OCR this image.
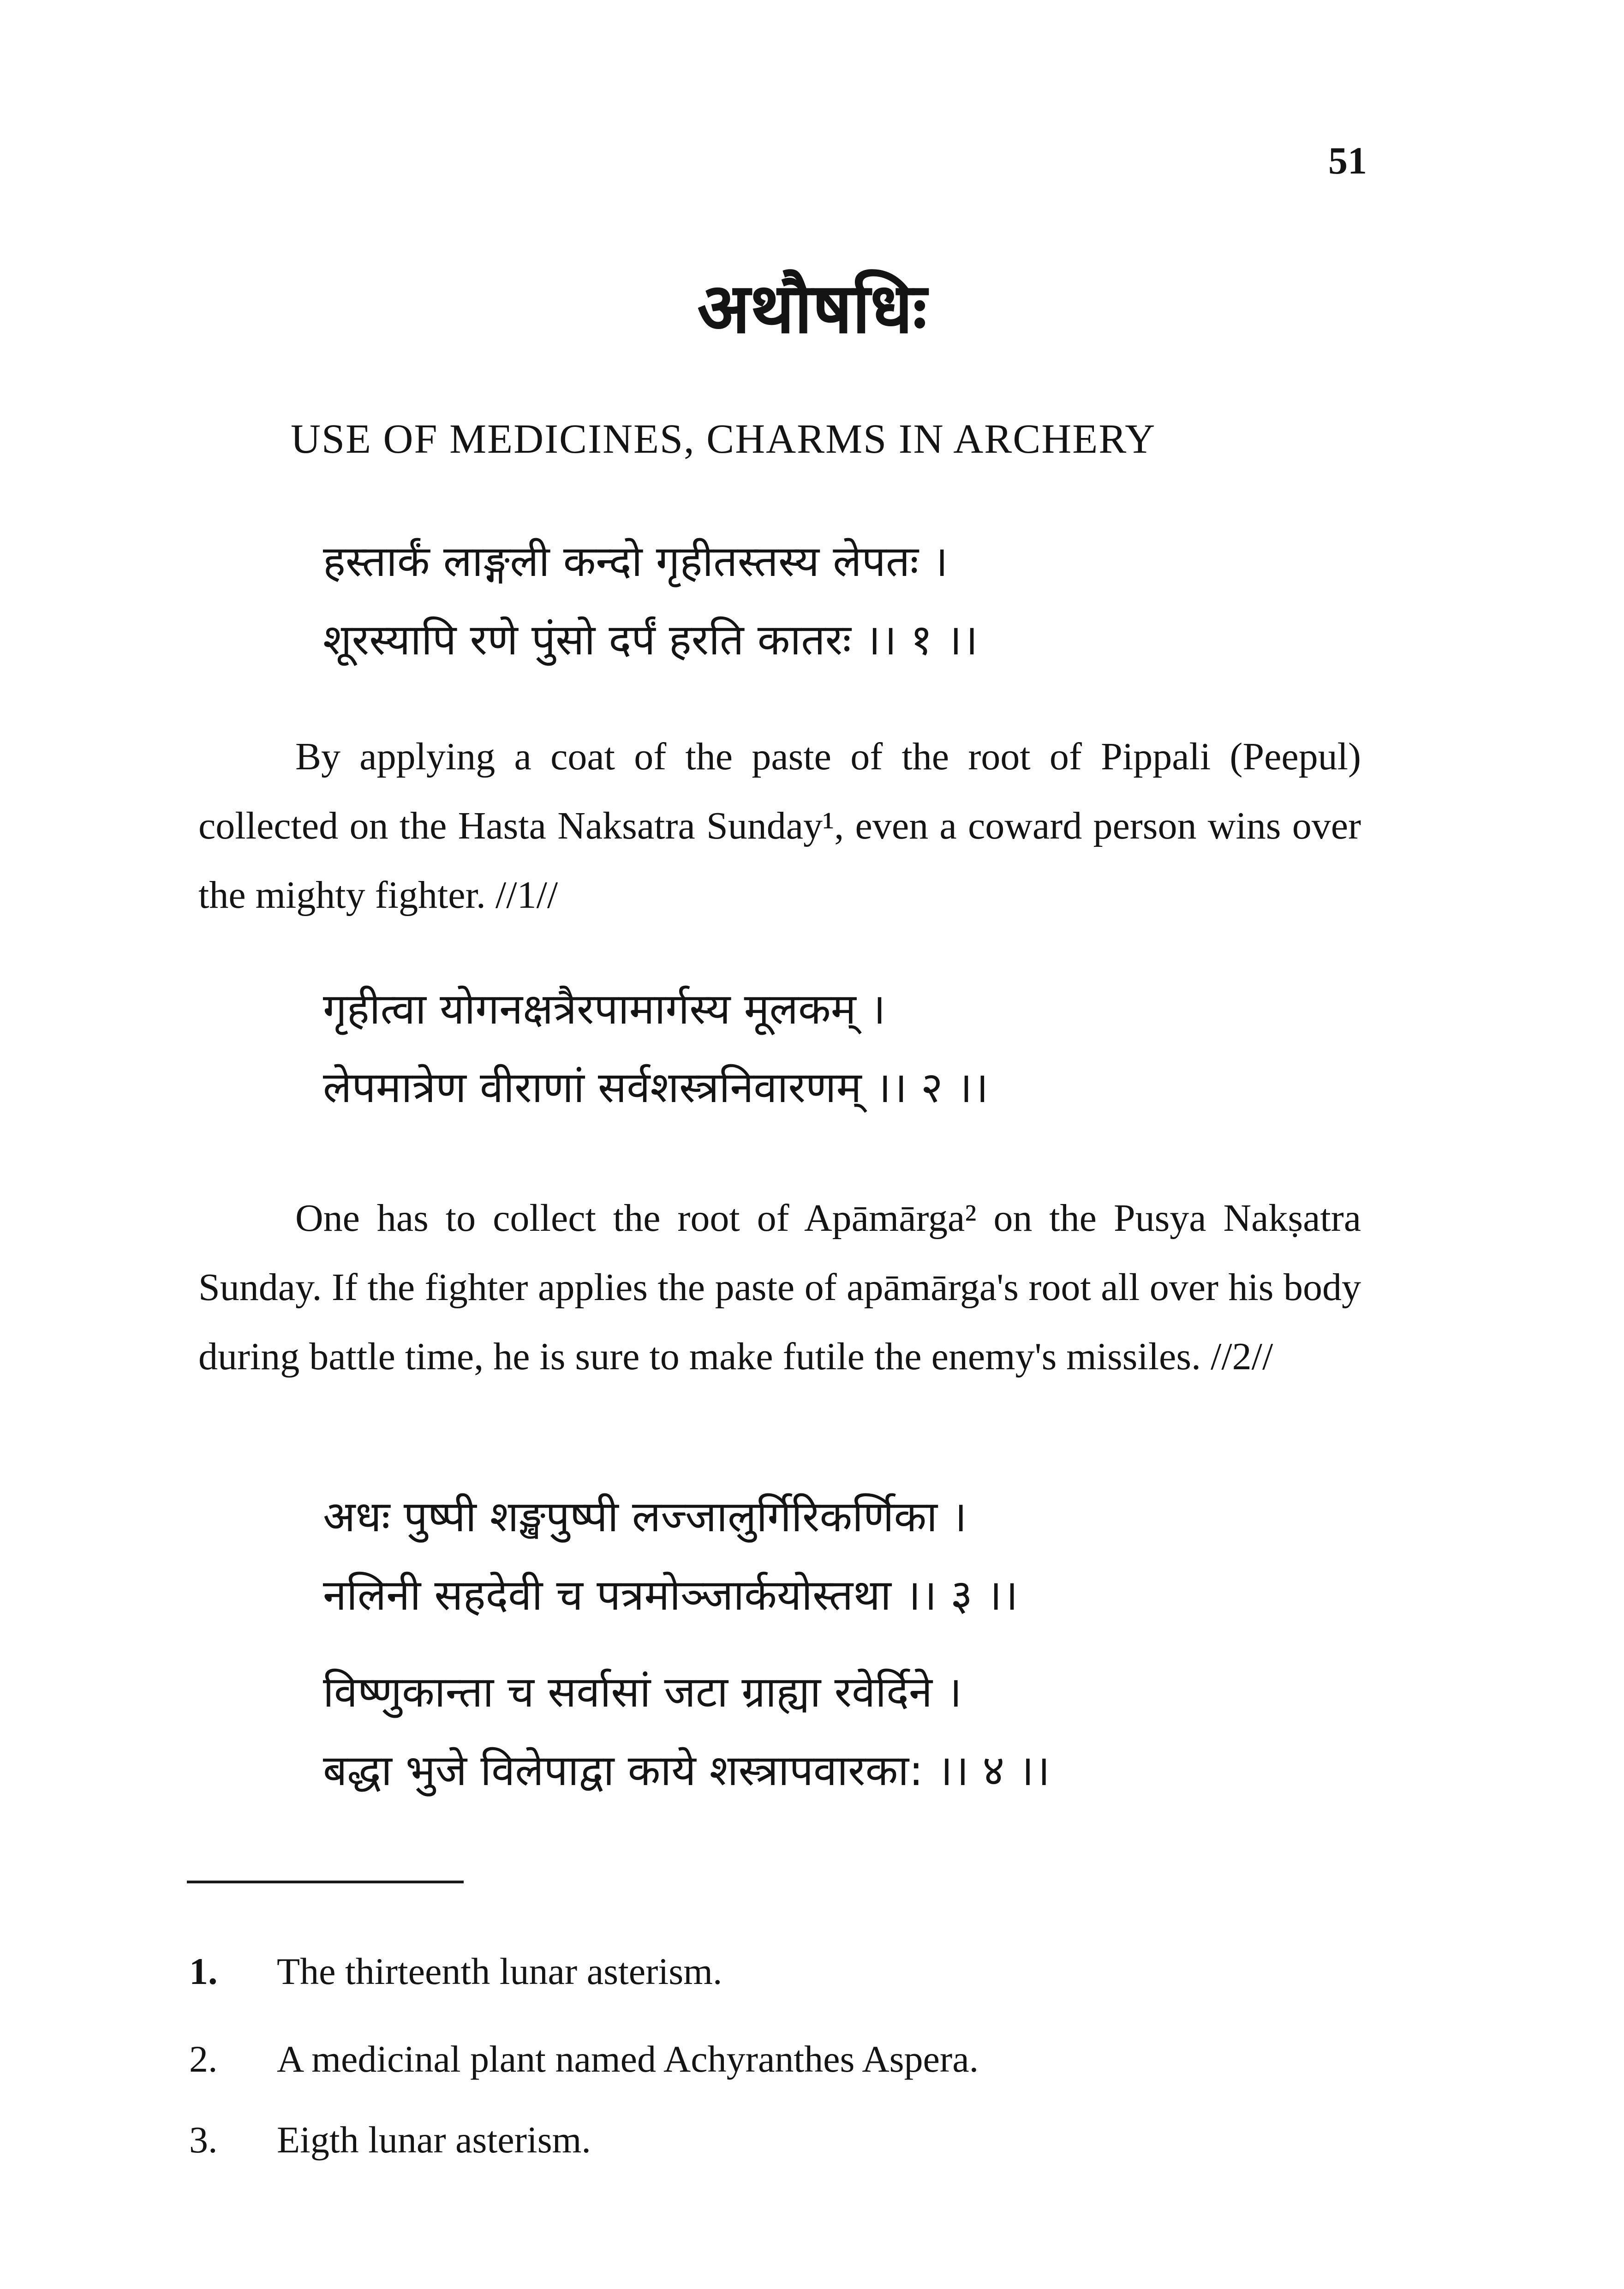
51
अथौषधिः
USE OF MEDICINES, CHARMS IN ARCHERY
हस्तार्कं लाङ्गली कन्दो गृहीतस्तस्य लेपतः ।
शूरस्यापि रणे पुंसो दर्पं हरति कातरः ।। १ ।।
By applying a coat of the paste of the root of Pippali (Peepul) collected on the Hasta Naksatra Sunday¹, even a coward person wins over the mighty fighter. //1//
गृहीत्वा योगनक्षत्रैरपामार्गस्य मूलकम् ।
लेपमात्रेण वीराणां सर्वशस्त्रनिवारणम् ।। २ ।।
One has to collect the root of Apāmārga² on the Pusya Nakṣatra Sunday. If the fighter applies the paste of apāmārga's root all over his body during battle time, he is sure to make futile the enemy's missiles. //2//
अधः पुष्पी शङ्खपुष्पी लज्जालुर्गिरिकर्णिका ।
नलिनी सहदेवी च पत्रमोञ्जार्कयोस्तथा ।। ३ ।।
विष्णुकान्ता च सर्वासां जटा ग्राह्या रवेर्दिने ।
बद्धा भुजे विलेपाद्वा काये शस्त्रापवारका: ।। ४ ।।
1. The thirteenth lunar asterism.
2. A medicinal plant named Achyranthes Aspera.
3. Eigth lunar asterism.
